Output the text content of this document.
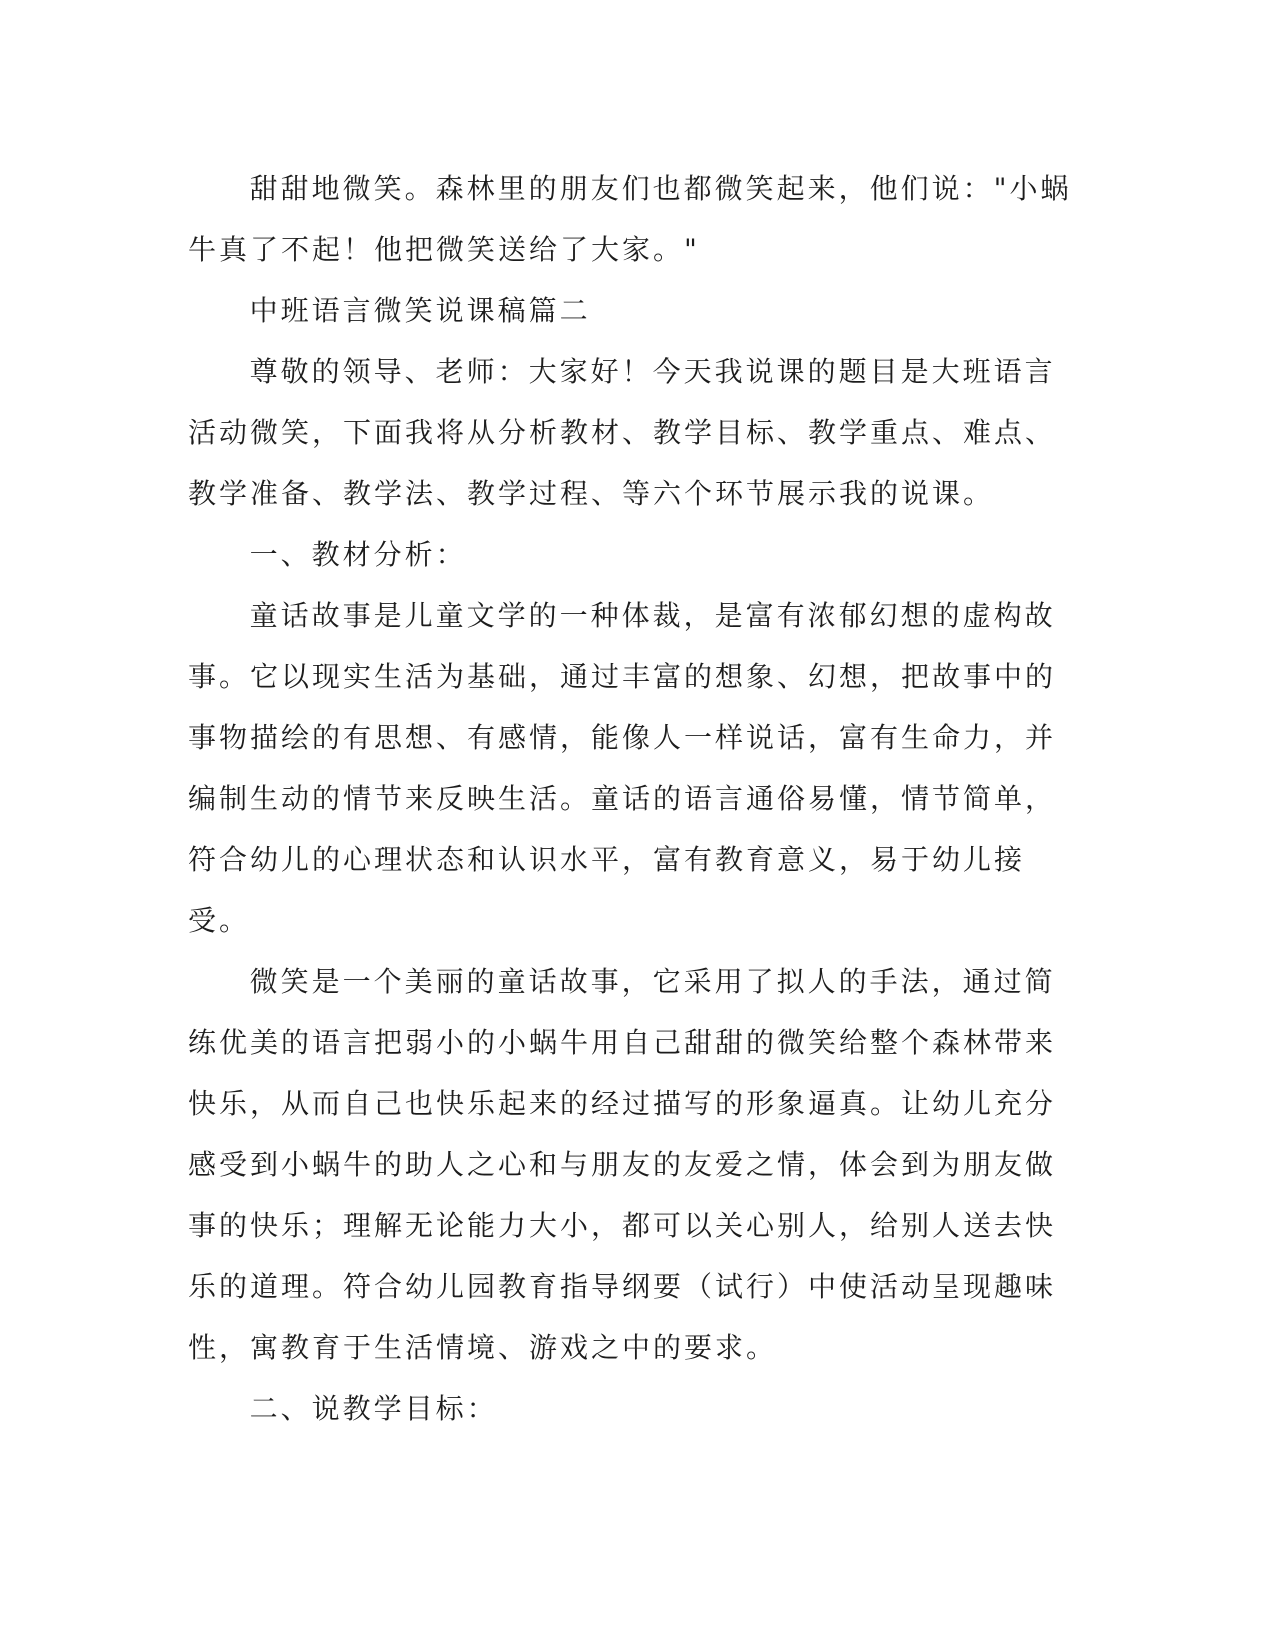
甜甜地微笑。森林里的朋友们也都微笑起来，他们说："小蜗牛真了不起！他把微笑送给了大家。"

中班语言微笑说课稿篇二

尊敬的领导、老师：大家好！今天我说课的题目是大班语言活动微笑，下面我将从分析教材、教学目标、教学重点、难点、教学准备、教学法、教学过程、等六个环节展示我的说课。

一、教材分析：

童话故事是儿童文学的一种体裁，是富有浓郁幻想的虚构故事。它以现实生活为基础，通过丰富的想象、幻想，把故事中的事物描绘的有思想、有感情，能像人一样说话，富有生命力，并编制生动的情节来反映生活。童话的语言通俗易懂，情节简单，符合幼儿的心理状态和认识水平，富有教育意义，易于幼儿接受。

微笑是一个美丽的童话故事，它采用了拟人的手法，通过简练优美的语言把弱小的小蜗牛用自己甜甜的微笑给整个森林带来快乐，从而自己也快乐起来的经过描写的形象逼真。让幼儿充分感受到小蜗牛的助人之心和与朋友的友爱之情，体会到为朋友做事的快乐；理解无论能力大小，都可以关心别人，给别人送去快乐的道理。符合幼儿园教育指导纲要（试行）中使活动呈现趣味性，寓教育于生活情境、游戏之中的要求。

二、说教学目标：
